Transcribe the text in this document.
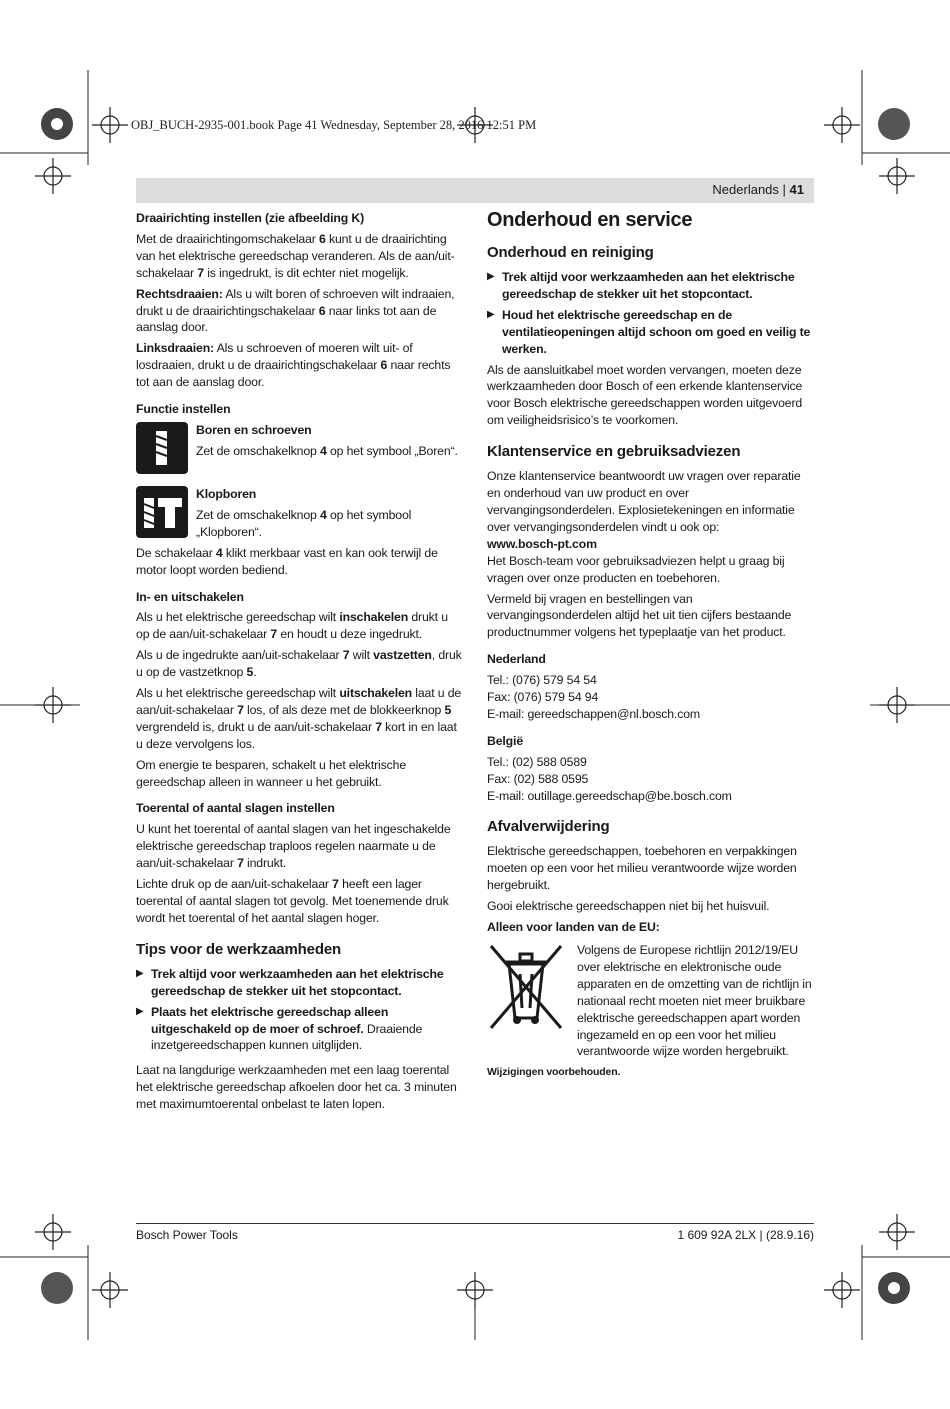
OBJ_BUCH-2935-001.book Page 41 Wednesday, September 28, 2016 12:51 PM
Nederlands | 41

Draairichting instellen (zie afbeelding K)

Met de draairichtingomschakelaar 6 kunt u de draairichting van het elektrische gereedschap veranderen. Als de aan/uit-schakelaar 7 is ingedrukt, is dit echter niet mogelijk.

Rechtsdraaien: Als u wilt boren of schroeven wilt indraaien, drukt u de draairichtingschakelaar 6 naar links tot aan de aanslag door.

Linksdraaien: Als u schroeven of moeren wilt uit- of losdraaien, drukt u de draairichtingschakelaar 6 naar rechts tot aan de aanslag door.

Functie instellen

Boren en schroeven

Zet de omschakelknop 4 op het symbool „Boren“.

Klopboren

Zet de omschakelknop 4 op het symbool „Klopboren“.

De schakelaar 4 klikt merkbaar vast en kan ook terwijl de motor loopt worden bediend.

In- en uitschakelen

Als u het elektrische gereedschap wilt inschakelen drukt u op de aan/uit-schakelaar 7 en houdt u deze ingedrukt.

Als u de ingedrukte aan/uit-schakelaar 7 wilt vastzetten, druk u op de vastzetknop 5.

Als u het elektrische gereedschap wilt uitschakelen laat u de aan/uit-schakelaar 7 los, of als deze met de blokkeerknop 5 vergrendeld is, drukt u de aan/uit-schakelaar 7 kort in en laat u deze vervolgens los.

Om energie te besparen, schakelt u het elektrische gereedschap alleen in wanneer u het gebruikt.

Toerental of aantal slagen instellen

U kunt het toerental of aantal slagen van het ingeschakelde elektrische gereedschap traploos regelen naarmate u de aan/uit-schakelaar 7 indrukt.

Lichte druk op de aan/uit-schakelaar 7 heeft een lager toerental of aantal slagen tot gevolg. Met toenemende druk wordt het toerental of het aantal slagen hoger.

Tips voor de werkzaamheden

▶ Trek altijd voor werkzaamheden aan het elektrische gereedschap de stekker uit het stopcontact.
▶ Plaats het elektrische gereedschap alleen uitgeschakeld op de moer of schroef. Draaiende inzetgereedschappen kunnen uitglijden.

Laat na langdurige werkzaamheden met een laag toerental het elektrische gereedschap afkoelen door het ca. 3 minuten met maximumtoerental onbelast te laten lopen.

Onderhoud en service

Onderhoud en reiniging

▶ Trek altijd voor werkzaamheden aan het elektrische gereedschap de stekker uit het stopcontact.
▶ Houd het elektrische gereedschap en de ventilatieopeningen altijd schoon om goed en veilig te werken.

Als de aansluitkabel moet worden vervangen, moeten deze werkzaamheden door Bosch of een erkende klantenservice voor Bosch elektrische gereedschappen worden uitgevoerd om veiligheidsrisico’s te voorkomen.

Klantenservice en gebruiksadviezen

Onze klantenservice beantwoordt uw vragen over reparatie en onderhoud van uw product en over vervangingsonderdelen. Explosietekeningen en informatie over vervangingsonderdelen vindt u ook op:

www.bosch-pt.com

Het Bosch-team voor gebruiksadviezen helpt u graag bij vragen over onze producten en toebehoren.

Vermeld bij vragen en bestellingen van vervangingsonderdelen altijd het uit tien cijfers bestaande productnummer volgens het typeplaatje van het product.

Nederland

Tel.: (076) 579 54 54

Fax: (076) 579 54 94

E-mail: gereedschappen@nl.bosch.com

België

Tel.: (02) 588 0589

Fax: (02) 588 0595

E-mail: outillage.gereedschap@be.bosch.com

Afvalverwijdering

Elektrische gereedschappen, toebehoren en verpakkingen moeten op een voor het milieu verantwoorde wijze worden hergebruikt.

Gooi elektrische gereedschappen niet bij het huisvuil.

Alleen voor landen van de EU:

Volgens de Europese richtlijn 2012/19/EU over elektrische en elektronische oude apparaten en de omzetting van de richtlijn in nationaal recht moeten niet meer bruikbare elektrische gereedschappen apart worden ingezameld en op een voor het milieu verantwoorde wijze worden hergebruikt.

Wijzigingen voorbehouden.

Bosch Power Tools	1 609 92A 2LX | (28.9.16)
